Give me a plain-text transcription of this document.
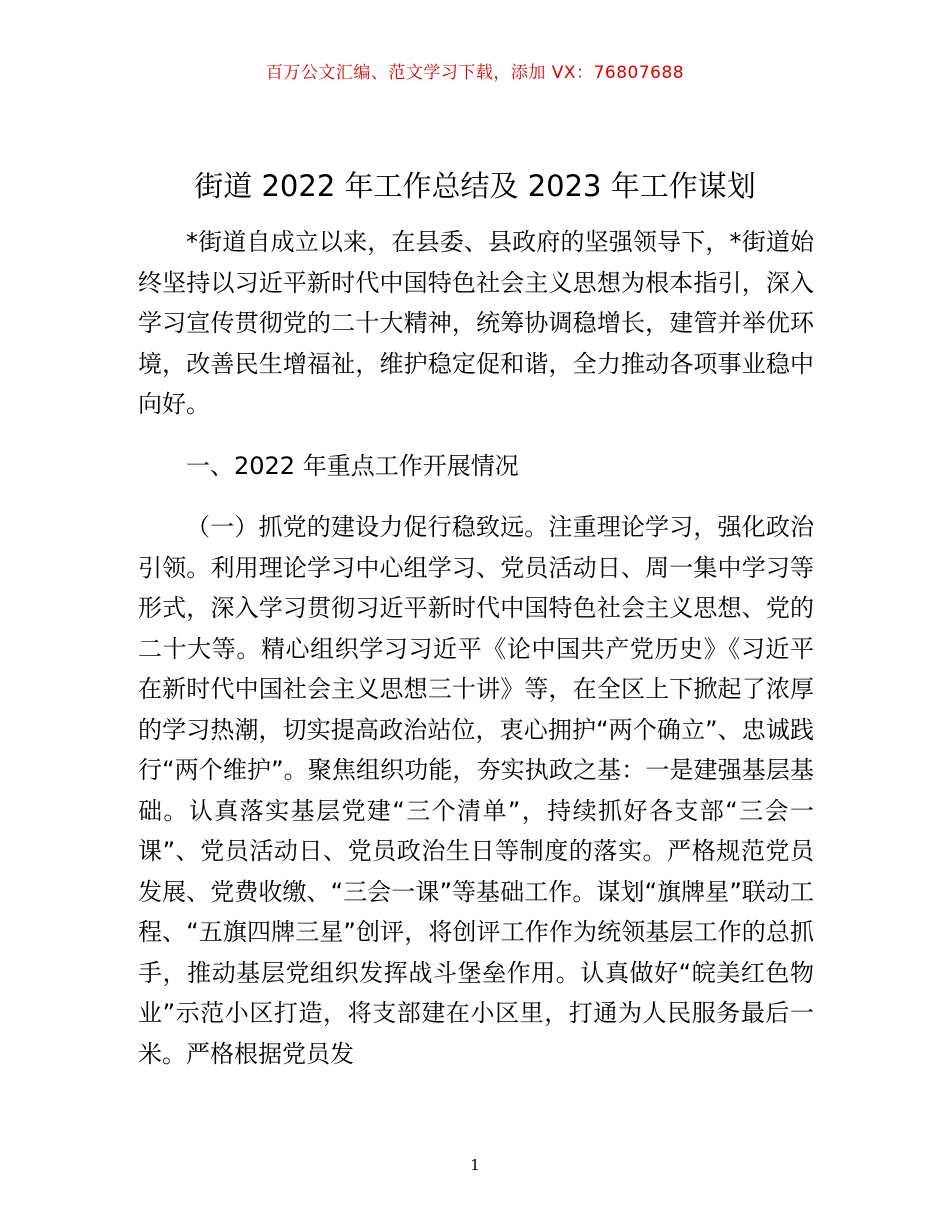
百万公文汇编、范文学习下载，添加 VX：76807688
街道 2022 年工作总结及 2023 年工作谋划

*街道自成立以来，在县委、县政府的坚强领导下，*街道始终坚持以习近平新时代中国特色社会主义思想为根本指引，深入学习宣传贯彻党的二十大精神，统筹协调稳增长，建管并举优环境，改善民生增福祉，维护稳定促和谐，全力推动各项事业稳中向好。

一、2022 年重点工作开展情况

（一）抓党的建设力促行稳致远。注重理论学习，强化政治引领。利用理论学习中心组学习、党员活动日、周一集中学习等形式，深入学习贯彻习近平新时代中国特色社会主义思想、党的二十大等。精心组织学习习近平《论中国共产党历史》《习近平在新时代中国社会主义思想三十讲》等，在全区上下掀起了浓厚的学习热潮，切实提高政治站位，衷心拥护“两个确立”、忠诚践行“两个维护”。聚焦组织功能，夯实执政之基：一是建强基层基础。认真落实基层党建“三个清单”，持续抓好各支部“三会一课”、党员活动日、党员政治生日等制度的落实。严格规范党员发展、党费收缴、“三会一课”等基础工作。谋划“旗牌星”联动工程、“五旗四牌三星”创评，将创评工作作为统领基层工作的总抓手，推动基层党组织发挥战斗堡垒作用。认真做好“皖美红色物业”示范小区打造，将支部建在小区里，打通为人民服务最后一米。严格根据党员发

1
